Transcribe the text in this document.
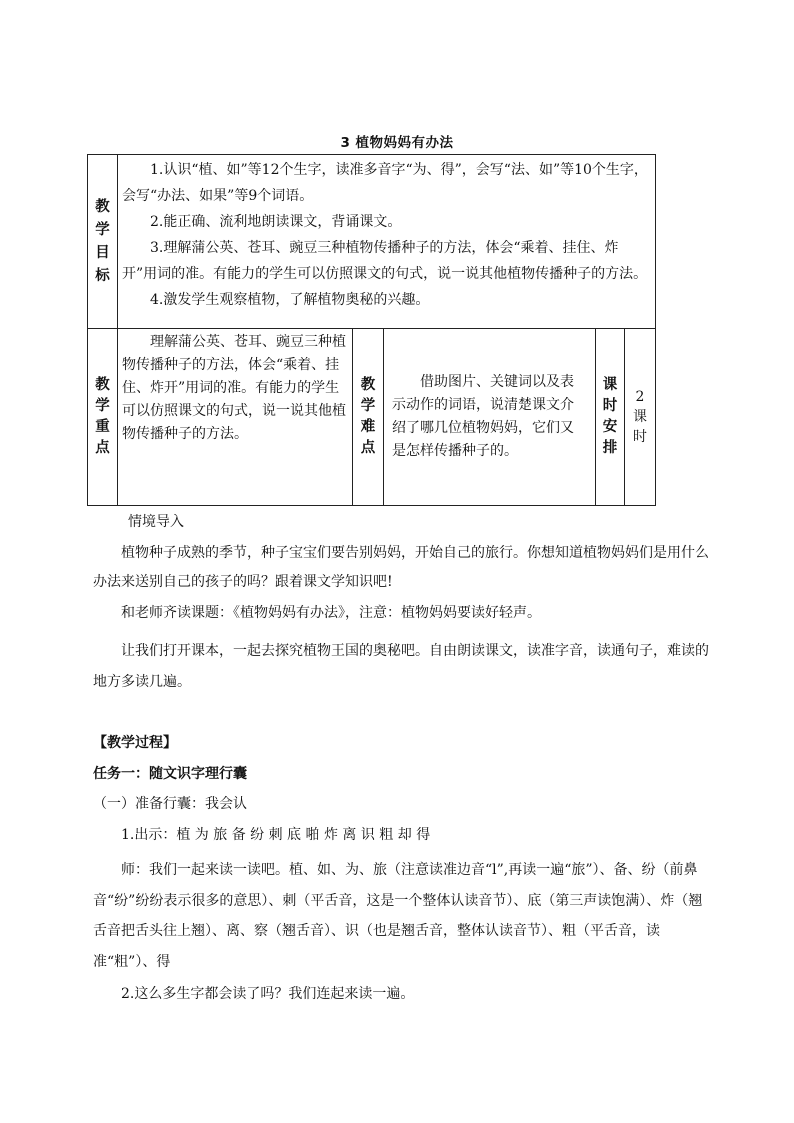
3 植物妈妈有办法
教
学
目
标

1.认识“植、如”等12个生字，读准多音字“为、得”，会写“法、如”等10个生字，会写“办法、如果”等9个词语。

2.能正确、流利地朗读课文，背诵课文。

3.理解蒲公英、苍耳、豌豆三种植物传播种子的方法，体会“乘着、挂住、炸开”用词的准。有能力的学生可以仿照课文的句式，说一说其他植物传播种子的方法。

4.激发学生观察植物，了解植物奥秘的兴趣。

教
学
重
点
理解蒲公英、苍耳、豌豆三种植物传播种子的方法，体会“乘着、挂住、炸开”用词的准。有能力的学生可以仿照课文的句式，说一说其他植物传播种子的方法。
教
学
难
点
借助图片、关键词以及表示动作的词语，说清楚课文介绍了哪几位植物妈妈，它们又是怎样传播种子的。
课
时
安
排
2
课
时
情境导入
植物种子成熟的季节，种子宝宝们要告别妈妈，开始自己的旅行。你想知道植物妈妈们是用什么办法来送别自己的孩子的吗？跟着课文学知识吧!
和老师齐读课题：《植物妈妈有办法》，注意：植物妈妈要读好轻声。
让我们打开课本，一起去探究植物王国的奥秘吧。自由朗读课文，读准字音，读通句子，难读的地方多读几遍。
【教学过程】
任务一：随文识字理行囊
（一）准备行囊：我会认
1.出示：植 为 旅 备 纷 刺 底 啪 炸 离 识 粗 却 得
师：我们一起来读一读吧。植、如、为、旅（注意读准边音“l”,再读一遍“旅”）、备、纷（前鼻音“纷”纷纷表示很多的意思）、刺（平舌音，这是一个整体认读音节）、底（第三声读饱满）、炸（翘舌音把舌头往上翘）、离、察（翘舌音）、识（也是翘舌音，整体认读音节）、粗（平舌音，读准“粗”）、得
2.这么多生字都会读了吗？我们连起来读一遍。
